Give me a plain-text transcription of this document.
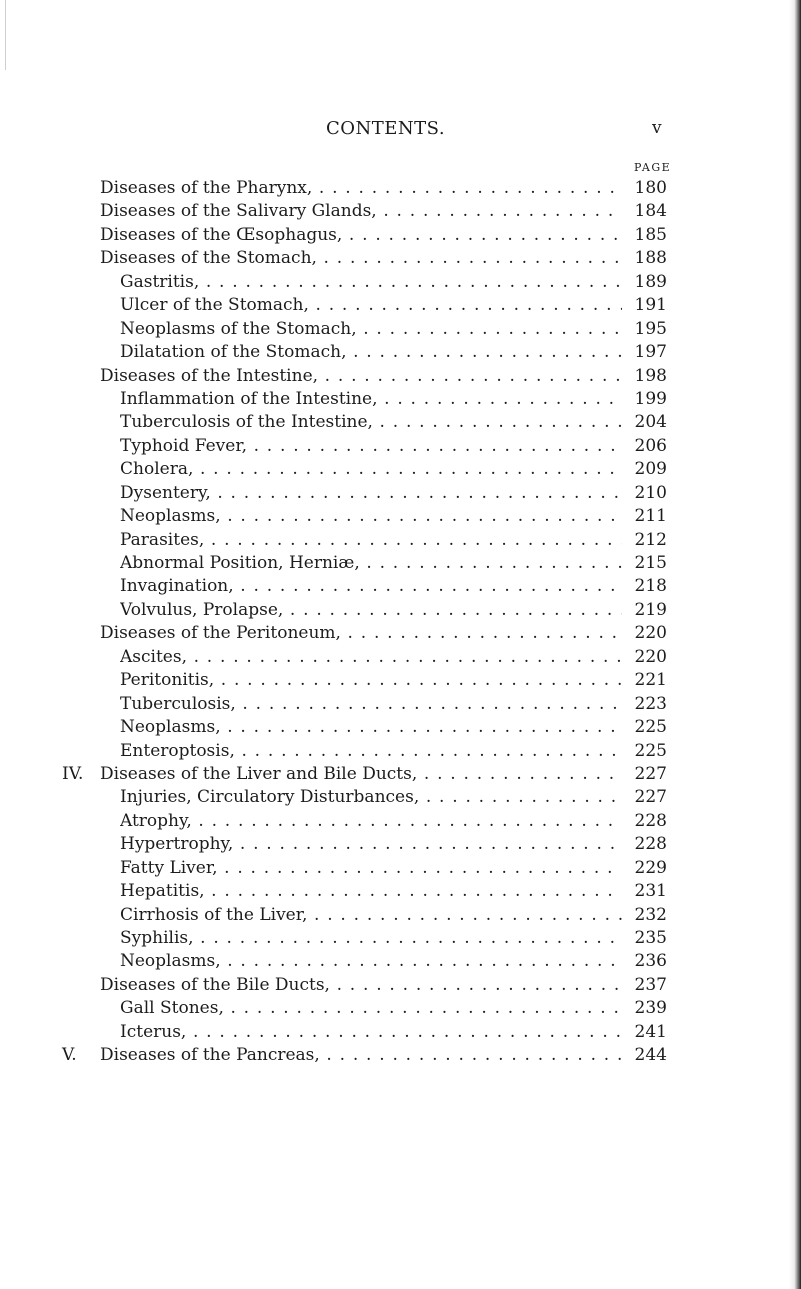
CONTENTS.	v
PAGE
Diseases of the Pharynx, . .	180
Diseases of the Salivary Glands, . .	184
Diseases of the Œsophagus, . .	185
Diseases of the Stomach, . .	188
Gastritis, . .	189
Ulcer of the Stomach, . .	191
Neoplasms of the Stomach, . .	195
Dilatation of the Stomach, . .	197
Diseases of the Intestine, . .	198
Inflammation of the Intestine, . .	199
Tuberculosis of the Intestine, . .	204
Typhoid Fever, . .	206
Cholera, . .	209
Dysentery, . .	210
Neoplasms, . .	211
Parasites, . .	212
Abnormal Position, Herniæ, . .	215
Invagination, . .	218
Volvulus, Prolapse, . .	219
Diseases of the Peritoneum, . .	220
Ascites, . .	220
Peritonitis, . .	221
Tuberculosis, . .	223
Neoplasms, . .	225
Enteroptosis, . .	225
IV. Diseases of the Liver and Bile Ducts, . .	227
Injuries, Circulatory Disturbances, . .	227
Atrophy, . .	228
Hypertrophy, . .	228
Fatty Liver, . .	229
Hepatitis, . .	231
Cirrhosis of the Liver, . .	232
Syphilis, . .	235
Neoplasms, . .	236
Diseases of the Bile Ducts, . .	237
Gall Stones, . .	239
Icterus, . .	241
V.	Diseases of the Pancreas, . .	244
